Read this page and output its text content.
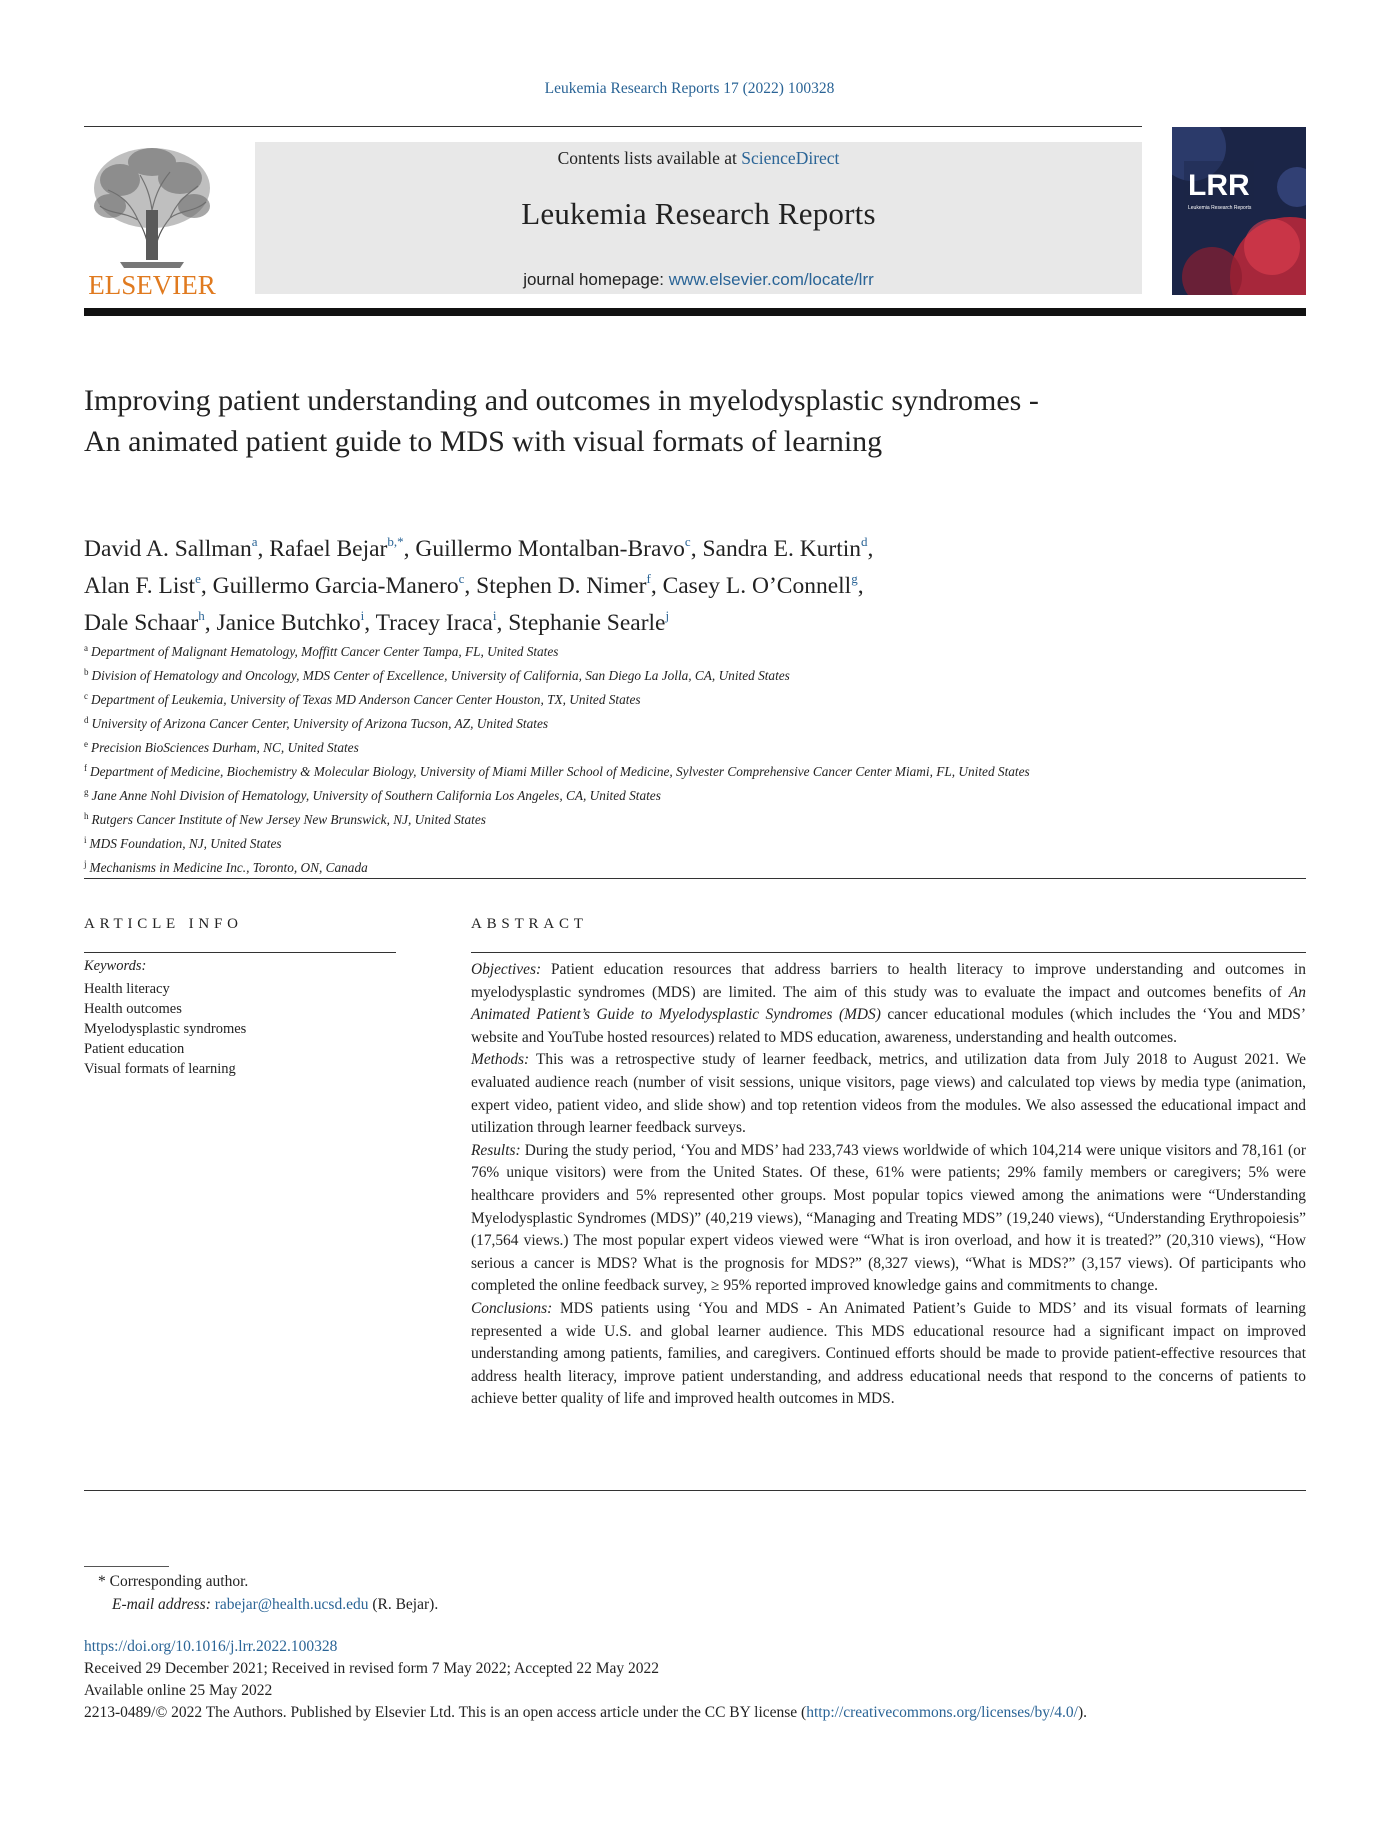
Leukemia Research Reports 17 (2022) 100328
ELSEVIER
Contents lists available at ScienceDirect
Leukemia Research Reports
journal homepage: www.elsevier.com/locate/lrr
LRR
Leukemia Research Reports
Improving patient understanding and outcomes in myelodysplastic syndromes - An animated patient guide to MDS with visual formats of learning
David A. Sallman$^a$, Rafael Bejar$^{b,*}$, Guillermo Montalban-Bravo$^c$, Sandra E. Kurtin$^d$,
Alan F. List$^e$, Guillermo Garcia-Manero$^c$, Stephen D. Nimer$^f$, Casey L. O’Connell$^g$,
Dale Schaar$^h$, Janice Butchko$^i$, Tracey Iraca$^i$, Stephanie Searle$^j$
$^a$ Department of Malignant Hematology, Moffitt Cancer Center Tampa, FL, United States
$^b$ Division of Hematology and Oncology, MDS Center of Excellence, University of California, San Diego La Jolla, CA, United States
$^c$ Department of Leukemia, University of Texas MD Anderson Cancer Center Houston, TX, United States
$^d$ University of Arizona Cancer Center, University of Arizona Tucson, AZ, United States
$^e$ Precision BioSciences Durham, NC, United States
$^f$ Department of Medicine, Biochemistry & Molecular Biology, University of Miami Miller School of Medicine, Sylvester Comprehensive Cancer Center Miami, FL, United States
$^g$ Jane Anne Nohl Division of Hematology, University of Southern California Los Angeles, CA, United States
$^h$ Rutgers Cancer Institute of New Jersey New Brunswick, NJ, United States
$^i$ MDS Foundation, NJ, United States
$^j$ Mechanisms in Medicine Inc., Toronto, ON, Canada
ARTICLE INFO
Keywords:
Health literacy
Health outcomes
Myelodysplastic syndromes
Patient education
Visual formats of learning
ABSTRACT

Objectives: Patient education resources that address barriers to health literacy to improve understanding and outcomes in myelodysplastic syndromes (MDS) are limited. The aim of this study was to evaluate the impact and outcomes benefits of An Animated Patient’s Guide to Myelodysplastic Syndromes (MDS) cancer educational modules (which includes the ‘You and MDS’ website and YouTube hosted resources) related to MDS education, awareness, understanding and health outcomes.

Methods: This was a retrospective study of learner feedback, metrics, and utilization data from July 2018 to August 2021. We evaluated audience reach (number of visit sessions, unique visitors, page views) and calculated top views by media type (animation, expert video, patient video, and slide show) and top retention videos from the modules. We also assessed the educational impact and utilization through learner feedback surveys.

Results: During the study period, ‘You and MDS’ had 233,743 views worldwide of which 104,214 were unique visitors and 78,161 (or 76% unique visitors) were from the United States. Of these, 61% were patients; 29% family members or caregivers; 5% were healthcare providers and 5% represented other groups. Most popular topics viewed among the animations were “Understanding Myelodysplastic Syndromes (MDS)” (40,219 views), “Managing and Treating MDS” (19,240 views), “Understanding Erythropoiesis” (17,564 views.) The most popular expert videos viewed were “What is iron overload, and how it is treated?” (20,310 views), “How serious a cancer is MDS? What is the prognosis for MDS?” (8,327 views), “What is MDS?” (3,157 views). Of participants who completed the online feedback survey, ≥ 95% reported improved knowledge gains and commitments to change.

Conclusions: MDS patients using ‘You and MDS - An Animated Patient’s Guide to MDS’ and its visual formats of learning represented a wide U.S. and global learner audience. This MDS educational resource had a significant impact on improved understanding among patients, families, and caregivers. Continued efforts should be made to provide patient-effective resources that address health literacy, improve patient understanding, and address educational needs that respond to the concerns of patients to achieve better quality of life and improved health outcomes in MDS.

* Corresponding author.
E-mail address: rabejar@health.ucsd.edu (R. Bejar).
https://doi.org/10.1016/j.lrr.2022.100328
Received 29 December 2021; Received in revised form 7 May 2022; Accepted 22 May 2022
Available online 25 May 2022
2213-0489/© 2022 The Authors. Published by Elsevier Ltd. This is an open access article under the CC BY license (http://creativecommons.org/licenses/by/4.0/).
